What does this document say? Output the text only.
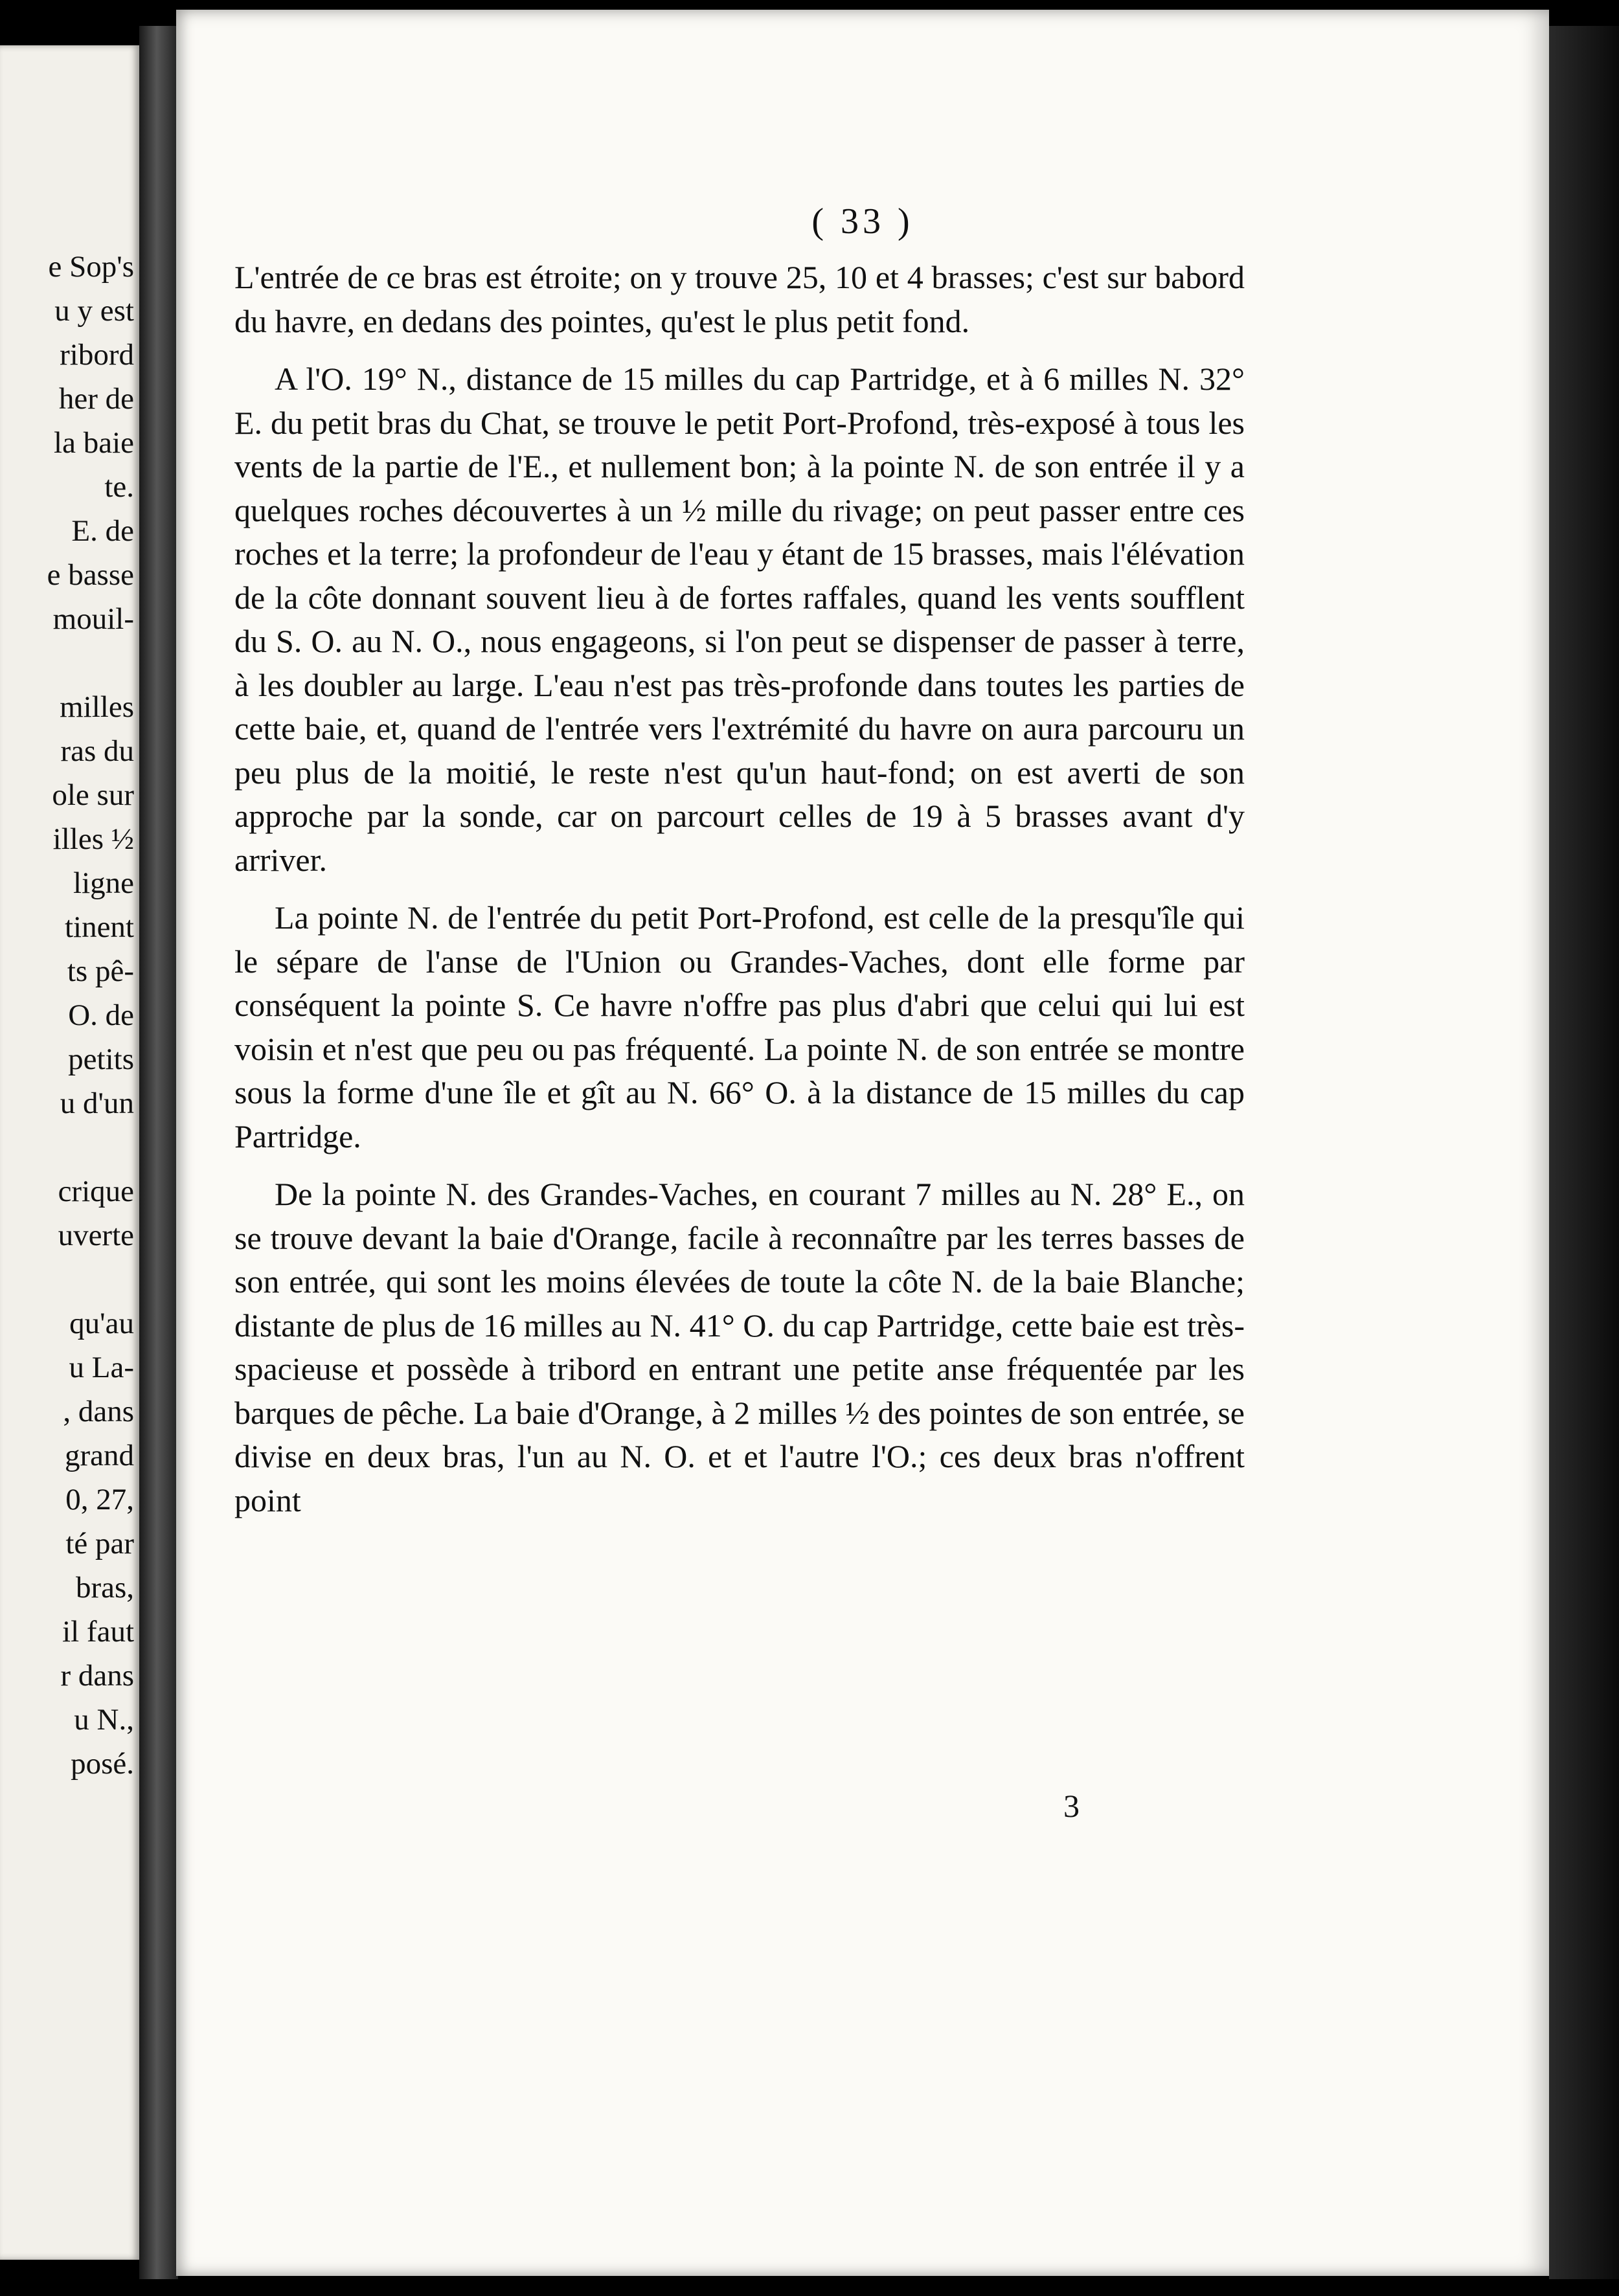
e Sop's
u y est
ribord
her de
la baie
te.
E. de
e basse
mouil-
milles
ras du
ole sur
illes ½
ligne
tinent
ts pê-
O. de
petits
u d'un
crique
uverte
qu'au
u La-
, dans
grand
0, 27,
té par
bras,
il faut
r dans
u N.,
posé.
( 33 )

L'entrée de ce bras est étroite; on y trouve 25, 10 et 4 brasses; c'est sur babord du havre, en dedans des pointes, qu'est le plus petit fond.

A l'O. 19° N., distance de 15 milles du cap Partridge, et à 6 milles N. 32° E. du petit bras du Chat, se trouve le petit Port-Profond, très-exposé à tous les vents de la partie de l'E., et nullement bon; à la pointe N. de son entrée il y a quelques roches découvertes à un ½ mille du rivage; on peut passer entre ces roches et la terre; la profondeur de l'eau y étant de 15 brasses, mais l'élévation de la côte donnant souvent lieu à de fortes raffales, quand les vents soufflent du S. O. au N. O., nous engageons, si l'on peut se dispenser de passer à terre, à les doubler au large. L'eau n'est pas très-profonde dans toutes les parties de cette baie, et, quand de l'entrée vers l'extrémité du havre on aura parcouru un peu plus de la moitié, le reste n'est qu'un haut-fond; on est averti de son approche par la sonde, car on parcourt celles de 19 à 5 brasses avant d'y arriver.

La pointe N. de l'entrée du petit Port-Profond, est celle de la presqu'île qui le sépare de l'anse de l'Union ou Grandes-Vaches, dont elle forme par conséquent la pointe S. Ce havre n'offre pas plus d'abri que celui qui lui est voisin et n'est que peu ou pas fréquenté. La pointe N. de son entrée se montre sous la forme d'une île et gît au N. 66° O. à la distance de 15 milles du cap Partridge.

De la pointe N. des Grandes-Vaches, en courant 7 milles au N. 28° E., on se trouve devant la baie d'Orange, facile à reconnaître par les terres basses de son entrée, qui sont les moins élevées de toute la côte N. de la baie Blanche; distante de plus de 16 milles au N. 41° O. du cap Partridge, cette baie est très-spacieuse et possède à tribord en entrant une petite anse fréquentée par les barques de pêche. La baie d'Orange, à 2 milles ½ des pointes de son entrée, se divise en deux bras, l'un au N. O. et et l'autre l'O.; ces deux bras n'offrent point

3
